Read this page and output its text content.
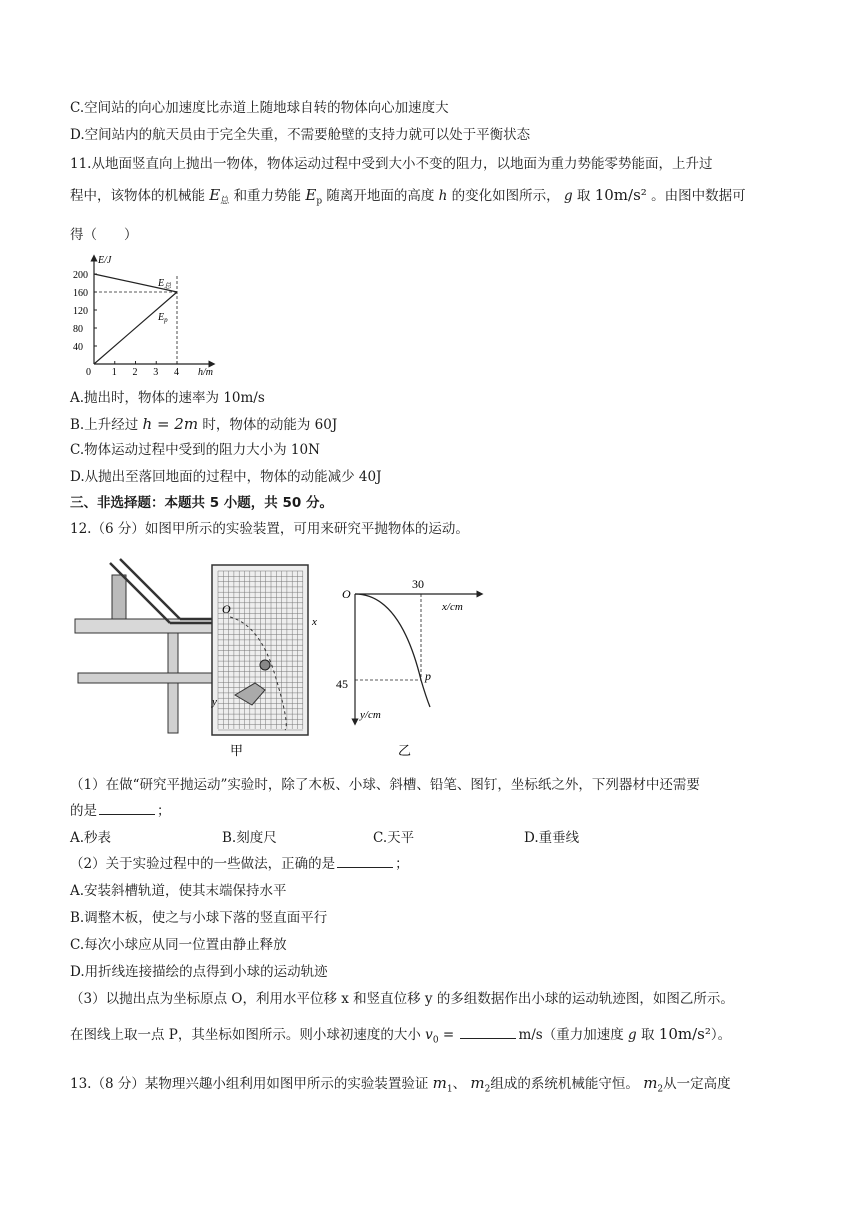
C.空间站的向心加速度比赤道上随地球自转的物体向心加速度大
D.空间站内的航天员由于完全失重，不需要舱壁的支持力就可以处于平衡状态
11.从地面竖直向上抛出一物体，物体运动过程中受到大小不变的阻力，以地面为重力势能零势能面，上升过
程中，该物体的机械能 $E_总$ 和重力势能 $E_p$ 随离开地面的高度 h 的变化如图所示， g 取 10m/s² 。由图中数据可
得（　　）
E/J
h/m
0 1 2 3 4
40
80
120
160
200
$E_总$
$E_p$
A.抛出时，物体的速率为 10m/s
B.上升经过 h = 2m 时，物体的动能为 60J
C.物体运动过程中受到的阻力大小为 10N
D.从抛出至落回地面的过程中，物体的动能减少 40J
三、非选择题：本题共 5 小题，共 50 分。
12.（6 分）如图甲所示的实验装置，可用来研究平抛物体的运动。
O
x
y
甲
O
30
x/cm
45
y/cm
p
乙
（1）在做“研究平抛运动”实验时，除了木板、小球、斜槽、铅笔、图钉，坐标纸之外，下列器材中还需要
的是	；
A.秒表	B.刻度尺	C.天平	D.重垂线
（2）关于实验过程中的一些做法，正确的是	；
A.安装斜槽轨道，使其末端保持水平
B.调整木板，使之与小球下落的竖直面平行
C.每次小球应从同一位置由静止释放
D.用折线连接描绘的点得到小球的运动轨迹
（3）以抛出点为坐标原点 O，利用水平位移 x 和竖直位移 y 的多组数据作出小球的运动轨迹图，如图乙所示。
在图线上取一点 P，其坐标如图所示。则小球初速度的大小 $v_0$ =	m/s（重力加速度 g 取 10m/s²）。
13.（8 分）某物理兴趣小组利用如图甲所示的实验装置验证 $m_1$、 $m_2$组成的系统机械能守恒。 $m_2$从一定高度
